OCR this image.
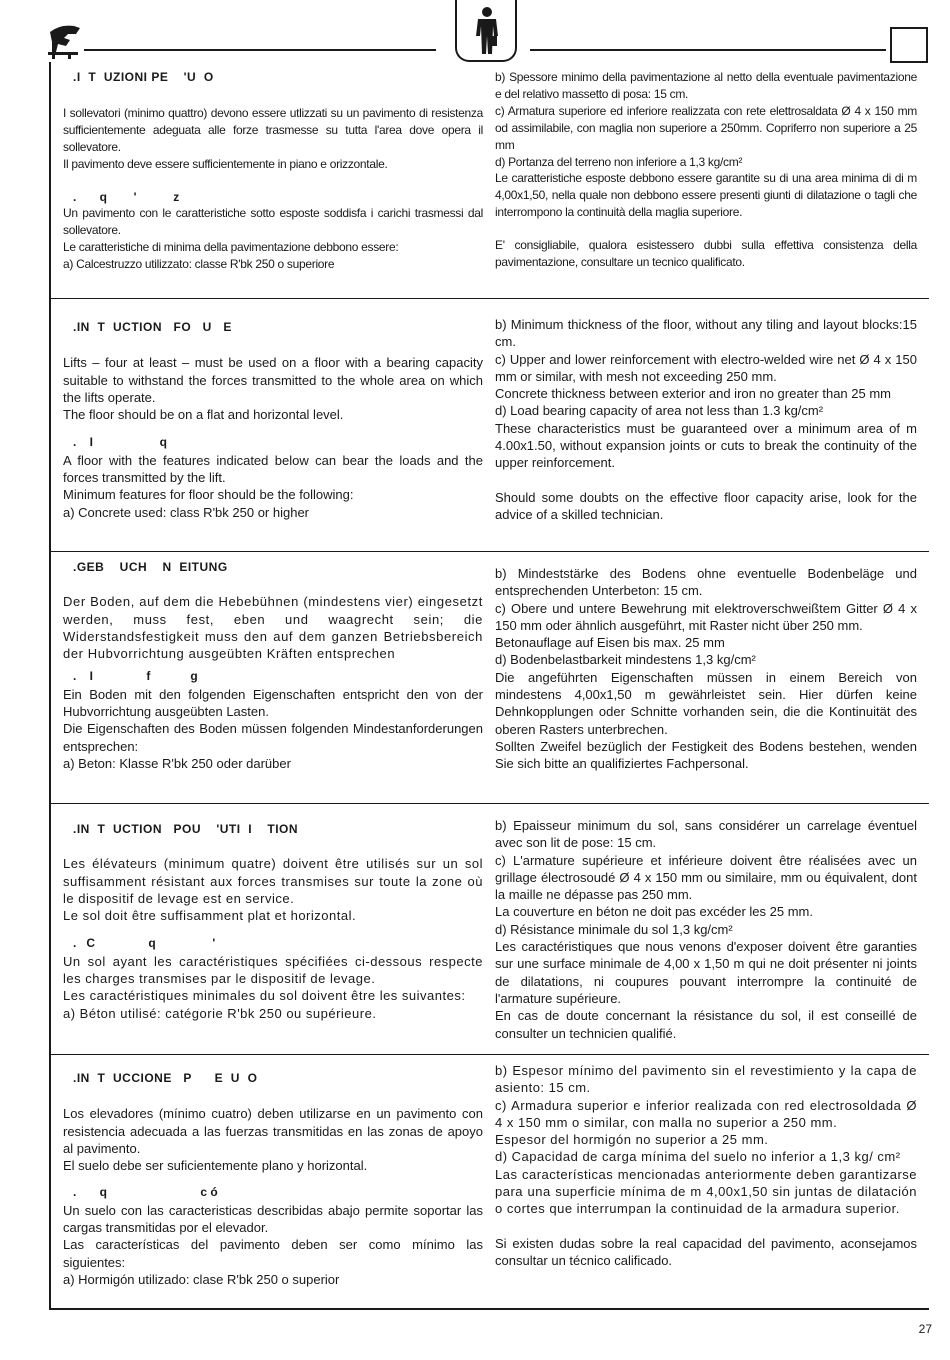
.I  T  UZIONI PE    'U  O

I sollevatori (minimo quattro) devono essere utlizzati su un pavimento di resistenza sufficientemente adeguata alle forze trasmesse su tutta l'area dove opera il sollevatore.
Il pavimento deve essere sufficientemente in piano e orizzontale.

.       q        '           z

Un pavimento con le caratteristiche sotto esposte soddisfa i carichi trasmessi dal sollevatore.
Le caratteristiche di minima della pavimentazione debbono essere:
a) Calcestruzzo utilizzato: classe R'bk 250 o superiore

b) Spessore minimo della pavimentazione al netto della eventuale pavimentazione e del relativo massetto di posa: 15 cm.
c) Armatura superiore ed inferiore realizzata con rete elettrosaldata Ø 4 x 150 mm od assimilabile, con maglia non superiore a 250mm. Copriferro non superiore a 25 mm
d) Portanza del terreno non inferiore a 1,3 kg/cm²
Le caratteristiche esposte debbono essere garantite su di una area minima di di m 4,00x1,50, nella quale non debbono essere presenti giunti di dilatazione o tagli che interrompono la continuità della maglia superiore.

E' consigliabile, qualora esistessero dubbi sulla effettiva consistenza della pavimentazione, consultare un tecnico qualificato.

.IN  T  UCTION   FO   U   E

Lifts – four at least – must be used on a floor with a bearing capacity suitable to withstand the forces transmitted to the whole area on which the lifts operate.
The floor should be on a flat and horizontal level.

.    I                    q

A floor with the features indicated below can bear the loads and the forces transmitted by the lift.
Minimum features for floor should be the following:
a) Concrete used: class R'bk 250 or higher

b) Minimum thickness of the floor, without any tiling and layout blocks:15 cm.
c) Upper and lower reinforcement with electro-welded wire net Ø 4 x 150 mm or similar, with mesh not exceeding 250 mm.
Concrete thickness between exterior and iron no greater than 25 mm
d) Load bearing capacity of area not less than 1.3 kg/cm²
These characteristics must be guaranteed over a minimum area of m 4.00x1.50, without expansion joints or cuts to break the continuity of the upper reinforcement.

Should some doubts on the effective floor capacity arise, look for the advice of a skilled technician.

.GEB    UCH    N  EITUNG

Der Boden, auf dem die Hebebühnen (mindestens vier) eingesetzt werden, muss fest, eben und waagrecht sein; die Widerstandsfestigkeit muss den auf dem ganzen Betriebsbereich der Hubvorrichtung ausgeübten Kräften entsprechen

.    I                f            g

Ein Boden mit den folgenden Eigenschaften entspricht den von der Hubvorrichtung ausgeübten Lasten.
Die Eigenschaften des Boden müssen folgenden Mindestanforderungen entsprechen:
a) Beton: Klasse R'bk 250 oder darüber

b) Mindeststärke des Bodens ohne eventuelle Bodenbeläge und entsprechenden Unterbeton: 15 cm.
c) Obere und untere Bewehrung mit elektroverschweißtem Gitter Ø 4 x 150 mm oder ähnlich ausgeführt, mit Raster nicht über 250 mm.
Betonauflage auf Eisen bis max. 25 mm
d) Bodenbelastbarkeit mindestens 1,3 kg/cm²
Die angeführten Eigenschaften müssen in einem Bereich von mindestens 4,00x1,50 m gewährleistet sein. Hier dürfen keine Dehnkopplungen oder Schnitte vorhanden sein, die die Kontinuität des oberen Rasters unterbrechen.
Sollten Zweifel bezüglich der Festigkeit des Bodens bestehen, wenden Sie sich bitte an qualifiziertes Fachpersonal.

.IN  T  UCTION   POU    'UTI  I    TION

Les élévateurs (minimum quatre) doivent être utilisés sur un sol suffisamment résistant aux forces transmises sur toute la zone où le dispositif de levage est en service.
Le sol doit être suffisamment plat et horizontal.

.   C                q                 '

Un sol ayant les caractéristiques spécifiées ci-dessous respecte les charges transmises par le dispositif de levage.
Les caractéristiques minimales du sol doivent être les suivantes:
a) Béton utilisé: catégorie R'bk 250 ou supérieure.

b) Epaisseur minimum du sol, sans considérer un carrelage éventuel avec son lit de pose: 15 cm.
c) L'armature supérieure et inférieure doivent être réalisées avec un grillage électrosoudé Ø 4 x 150 mm ou similaire, mm ou équivalent, dont la maille ne dépasse pas 250 mm.
La couverture en béton ne doit pas excéder les 25 mm.
d) Résistance minimale du sol 1,3 kg/cm²
Les caractéristiques que nous venons d'exposer doivent être garanties sur une surface minimale de 4,00 x 1,50 m qui ne doit présenter ni joints de dilatations, ni coupures pouvant interrompre la continuité de l'armature supérieure.
En cas de doute concernant la résistance du sol, il est conseillé de consulter un technicien qualifié.

.IN  T  UCCIONE   P      E  U  O

Los elevadores (mínimo cuatro) deben utilizarse en un pavimento con resistencia adecuada a las fuerzas transmitidas en las zonas de apoyo al pavimento.
El suelo debe ser suficientemente plano y horizontal.

.       q                            c ó

Un suelo con las caracteristicas describidas abajo permite soportar las cargas transmitidas por el elevador.
Las características del pavimento deben ser como mínimo las siguientes:
a) Hormigón utilizado: clase R'bk 250 o superior

b) Espesor mínimo del pavimento sin el revestimiento y la capa de asiento: 15 cm.
c) Armadura superior e inferior realizada con red electrosoldada Ø 4 x 150 mm o similar, con malla no superior a 250 mm.
Espesor del hormigón no superior a 25 mm.
d) Capacidad de carga mínima del suelo no inferior a 1,3 kg/ cm²
Las características mencionadas anteriormente deben garantizarse para una superficie mínima de m 4,00x1,50 sin juntas de dilatación o cortes que interrumpan la continuidad de la armadura superior.

Si existen dudas sobre la real capacidad del pavimento, aconsejamos consultar un técnico calificado.

27
